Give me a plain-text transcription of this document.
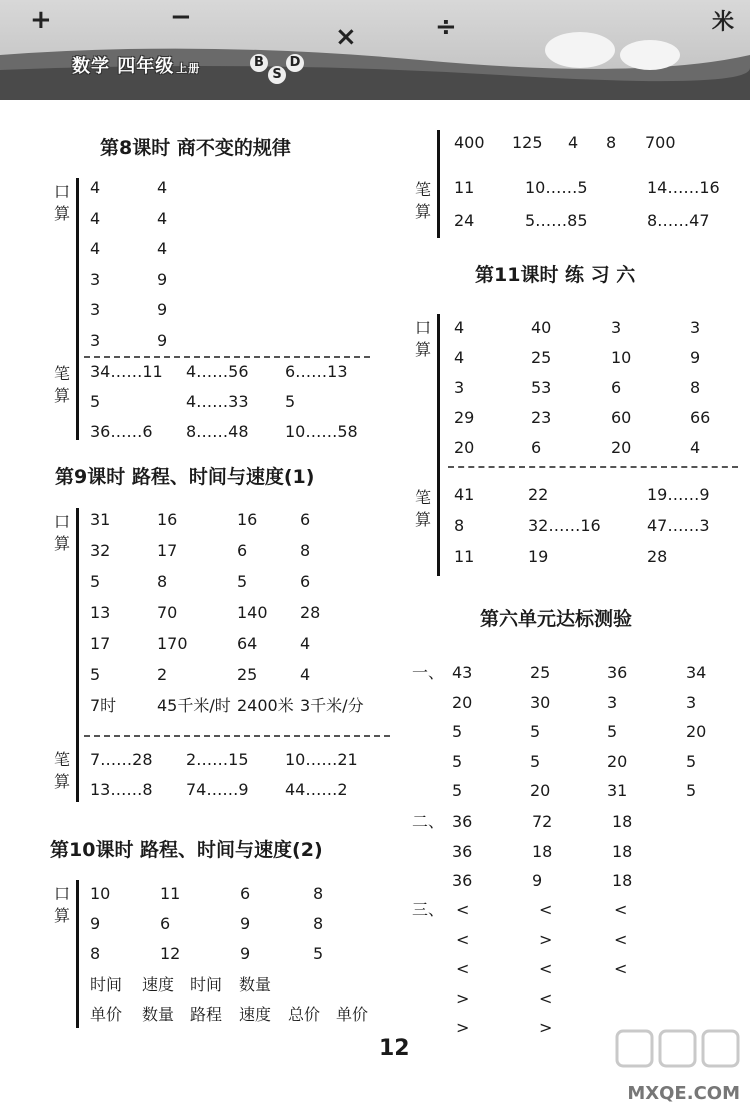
+	−
×	÷	米
数学 四年级 上册	B
S
D
第8课时 商不变的规律
口
算
笔
算
第9课时 路程、时间与速度(1)
口
算
笔
算
第10课时 路程、时间与速度(2)
口
算
笔
算
第11课时 练 习 六
口
算
笔
算
第六单元达标测验
一、
二、
三、
4	4
4	4
4	4
3	9
3	9
3	9
34……11 4……56 6……13
5	4……33 5
36……6 8……48 10……58
31	16	16	6
32	17	6	8
5	8	5	6
13	70	140 28
17	170	64	4
5	2	25	4
7时	45千米/时 2400米 3千米/分
7……28 2……15 10……21
13……8 74……9 44……2
10	11	6	8
9	6	9	8
8	12	9	5
11	10……5	14……16
24	5……85	8……47
4	40	3	3
4	25	10	9
3	53	6	8
29	23	60	66
20	6	20	4
41	22	19……9
8	32……16	47……3
11	19	28
43	25	36	34
20	30	3	3
5	5	5	20
5	5	20	5
5	20	31	5
36	72	18
36	18	18
36	9	18
<	<	<
<	>	<
<	<	<
>	<
>	>
400 125 4 8 700
时间 速度 时间 数量
单价 数量 路程 速度 总价 单价
12
MXQE.COM
